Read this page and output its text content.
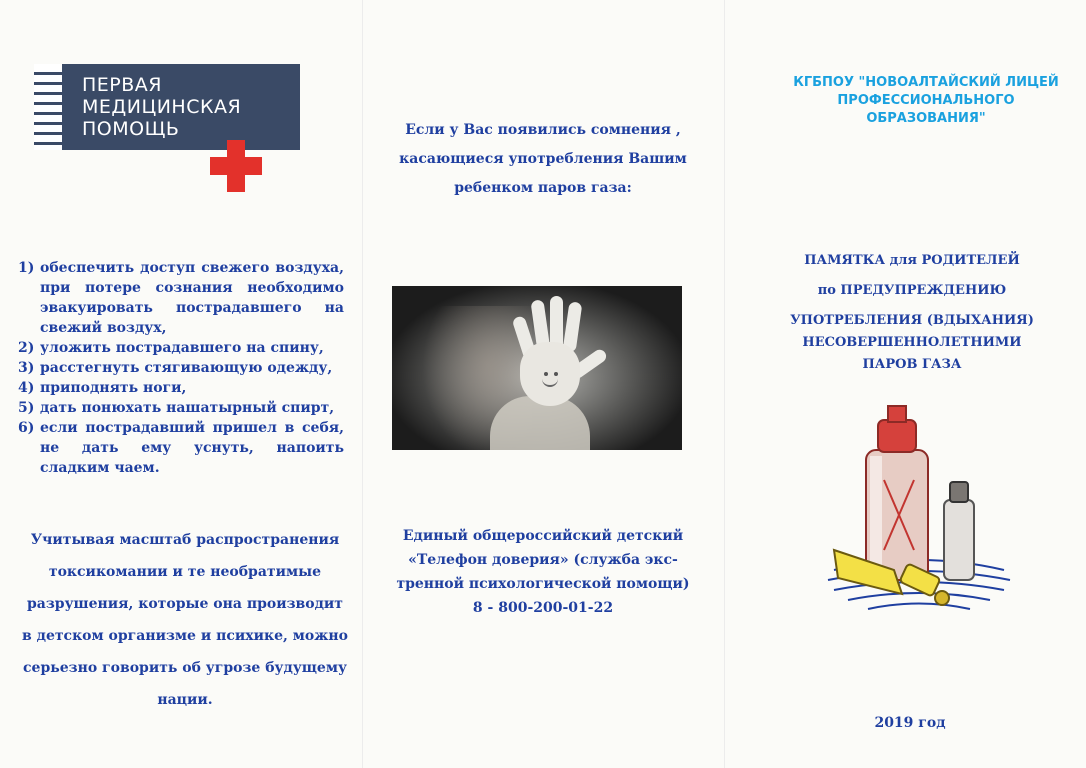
ПЕРВАЯ
МЕДИЦИНСКАЯ
ПОМОЩЬ
1) обеспечить доступ свежего воздуха, при потере сознания необходимо эвакуировать пострадавшего на свежий воздух,
2) уложить пострадавшего на спину,
3) расстегнуть стягивающую одежду,
4) приподнять ноги,
5) дать понюхать нашатырный спирт,
6) если пострадавший пришел в себя, не дать ему уснуть, напоить сладким чаем.

Учитывая масштаб распространения токсикомании и те необратимые разрушения, которые она производит в детском организме и психике, можно серьезно говорить об угрозе будущему нации.

Если у Вас появились сомнения , касающиеся употребления Вашим ребенком паров газа:

Единый общероссийский детский
«Телефон доверия» (служба экс-
тренной психологической помощи)
8 - 800-200-01-22
КГБПОУ "НОВОАЛТАЙСКИЙ ЛИЦЕЙ ПРОФЕССИОНАЛЬНОГО ОБРАЗОВАНИЯ"
ПАМЯТКА для РОДИТЕЛЕЙ
по ПРЕДУПРЕЖДЕНИЮ
УПОТРЕБЛЕНИЯ (ВДЫХАНИЯ)
НЕСОВЕРШЕННОЛЕТНИМИ
ПАРОВ ГАЗА
2019 год
